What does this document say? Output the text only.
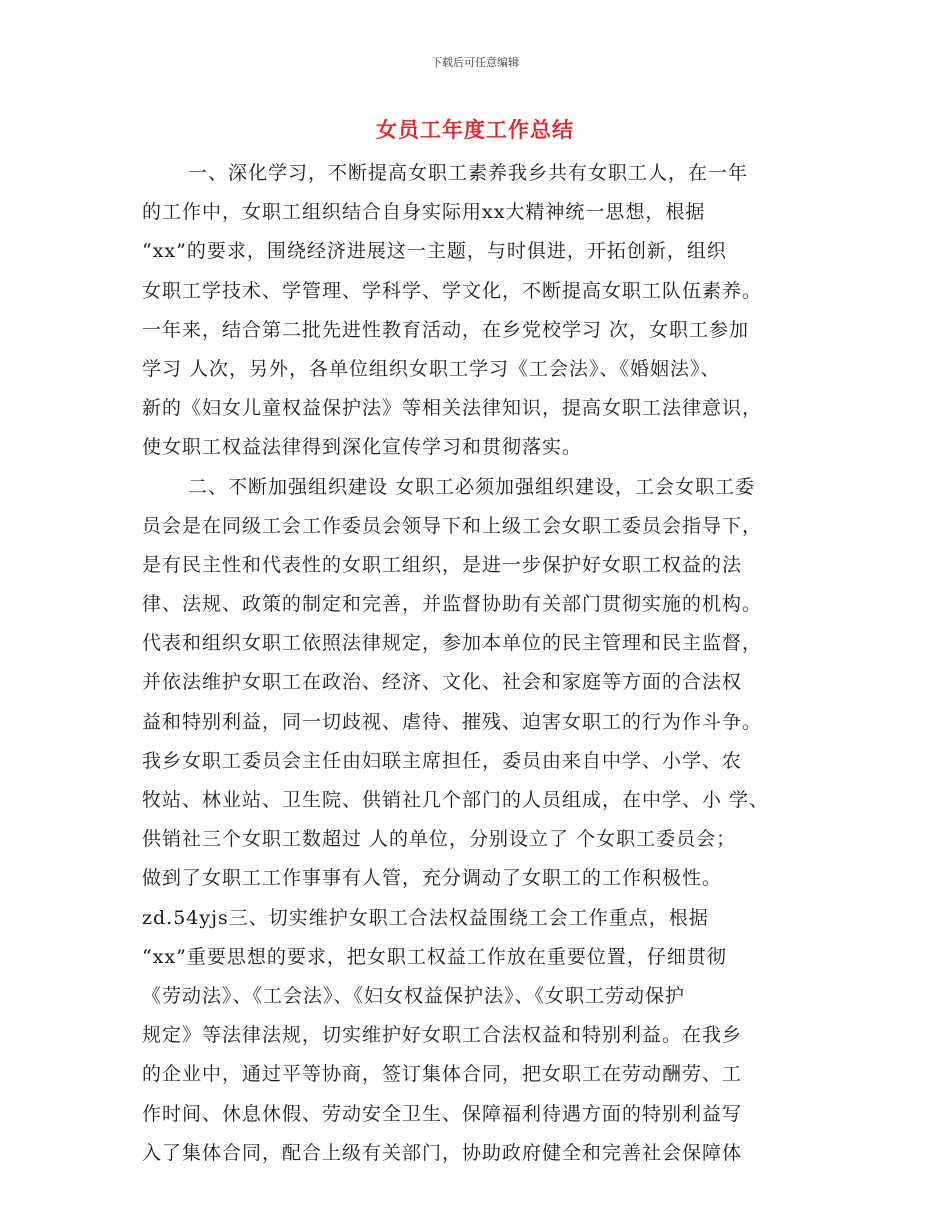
下载后可任意编辑
女员工年度工作总结
一、深化学习，不断提高女职工素养我乡共有女职工人，在一年
的工作中，女职工组织结合自身实际用xx大精神统一思想，根据
“xx”的要求，围绕经济进展这一主题，与时俱进，开拓创新，组织
女职工学技术、学管理、学科学、学文化，不断提高女职工队伍素养。
一年来，结合第二批先进性教育活动，在乡党校学习 次，女职工参加
学习 人次，另外，各单位组织女职工学习《工会法》、《婚姻法》、
新的《妇女儿童权益保护法》等相关法律知识，提高女职工法律意识，
使女职工权益法律得到深化宣传学习和贯彻落实。
二、不断加强组织建设 女职工必须加强组织建设，工会女职工委
员会是在同级工会工作委员会领导下和上级工会女职工委员会指导下，
是有民主性和代表性的女职工组织，是进一步保护好女职工权益的法
律、法规、政策的制定和完善，并监督协助有关部门贯彻实施的机构。
代表和组织女职工依照法律规定，参加本单位的民主管理和民主监督，
并依法维护女职工在政治、经济、文化、社会和家庭等方面的合法权
益和特别利益，同一切歧视、虐待、摧残、迫害女职工的行为作斗争。
我乡女职工委员会主任由妇联主席担任，委员由来自中学、小学、农
牧站、林业站、卫生院、供销社几个部门的人员组成，在中学、小 学、
供销社三个女职工数超过 人的单位，分别设立了 个女职工委员会；
做到了女职工工作事事有人管，充分调动了女职工的工作积极性。
zd.54yjs三、切实维护女职工合法权益围绕工会工作重点，根据
“xx”重要思想的要求，把女职工权益工作放在重要位置，仔细贯彻
《劳动法》、《工会法》、《妇女权益保护法》、《女职工劳动保护
规定》等法律法规，切实维护好女职工合法权益和特别利益。在我乡
的企业中，通过平等协商，签订集体合同，把女职工在劳动酬劳、工
作时间、休息休假、劳动安全卫生、保障福利待遇方面的特别利益写
入了集体合同，配合上级有关部门，协助政府健全和完善社会保障体
